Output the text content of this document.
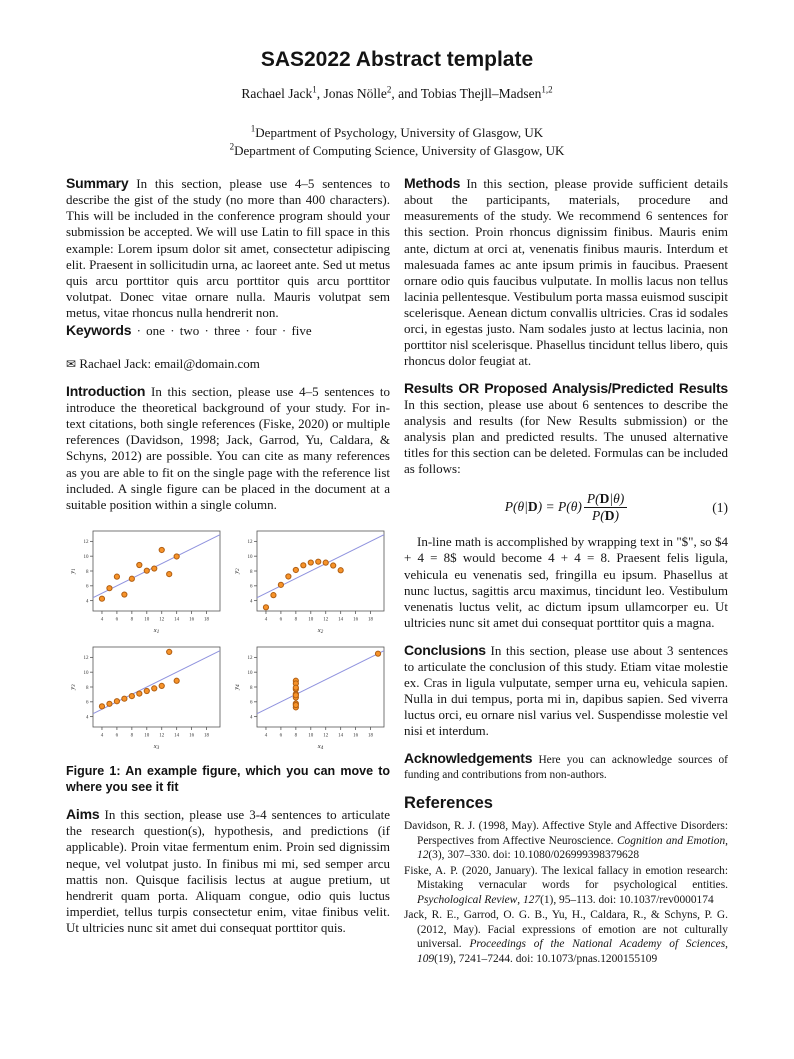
SAS2022 Abstract template
Rachael Jack$^1$, Jonas Nölle$^2$, and Tobias Thejll–Madsen$^{1,2}$
$^1$Department of Psychology, University of Glasgow, UK
$^2$Department of Computing Science, University of Glasgow, UK

Summary In this section, please use 4–5 sentences to describe the gist of the study (no more than 400 characters). This will be included in the conference program should your submission be accepted. We will use Latin to fill space in this example: Lorem ipsum dolor sit amet, consectetur adipiscing elit. Praesent in sollicitudin urna, ac laoreet ante. Sed ut metus quis arcu porttitor quis arcu porttitor quis arcu porttitor volutpat. Donec vitae ornare nulla. Mauris volutpat sem metus, vitae rhoncus nulla hendrerit non.

Keywords · one · two · three · four · five

✉ Rachael Jack: email@domain.com

Introduction In this section, please use 4–5 sentences to introduce the theoretical background of your study. For in-text citations, both single references (Fiske, 2020) or multiple references (Davidson, 1998; Jack, Garrod, Yu, Caldara, & Schyns, 2012) are possible. You can cite as many references as you are able to fit on the single page with the reference list included. A single figure can be placed in the document at a suitable position within a single column.

4 6 8 10 12 14 16 18
4
6
8
10
12
x1
y1
4 6 8 10 12 14 16 18
4
6
8
10
12
x2
y2
4 6 8 10 12 14 16 18
4
6
8
10
12
x3
y3
4 6 8 10 12 14 16 18
4
6
8
10
12
x4
y4
Figure 1: An example figure, which you can move to where you see it fit

Aims In this section, please use 3-4 sentences to articulate the research question(s), hypothesis, and predictions (if applicable). Proin vitae fermentum enim. Proin sed dignissim neque, vel volutpat justo. In finibus mi mi, sed semper arcu mattis non. Quisque facilisis lectus at augue pretium, ut hendrerit quam porta. Aliquam congue, odio quis luctus imperdiet, tellus turpis consectetur enim, vitae finibus velit. Ut ultricies nunc sit amet dui consequat porttitor quis.

Methods In this section, please provide sufficient details about the participants, materials, procedure and measurements of the study. We recommend 6 sentences for this section. Proin rhoncus dignissim finibus. Mauris enim ante, dictum at orci at, venenatis finibus mauris. Interdum et malesuada fames ac ante ipsum primis in faucibus. Praesent ornare odio quis faucibus vulputate. In mollis lacus non tellus lacinia pellentesque. Vestibulum porta massa euismod suscipit scelerisque. Aenean dictum convallis ultricies. Cras id sodales orci, in egestas justo. Nam sodales justo at lectus lacinia, non porttitor nisl scelerisque. Phasellus tincidunt tellus libero, quis rhoncus dolor feugiat at.

Results OR Proposed Analysis/Predicted Results In this section, please use about 6 sentences to describe the analysis and results (for New Results submission) or the analysis plan and predicted results. The unused alternative titles for this section can be deleted. Formulas can be included as follows:

$P(\theta|D) = P(\theta) \frac{P(D|\theta)}{P(D)}$	(1)

In-line math is accomplished by wrapping text in "$", so $4 + 4 = 8$ would become 4 + 4 = 8. Praesent felis ligula, vehicula eu venenatis sed, fringilla eu ipsum. Phasellus at nunc luctus, sagittis arcu maximus, tincidunt leo. Vestibulum venenatis luctus velit, ac dictum ipsum ullamcorper eu. Ut ultricies nunc sit amet dui consequat porttitor quis a magna.

Conclusions In this section, please use about 3 sentences to articulate the conclusion of this study. Etiam vitae molestie ex. Cras in ligula vulputate, semper urna eu, vehicula sapien. Nulla in dui tempus, porta mi in, dapibus sapien. Sed viverra luctus orci, eu ornare nisl varius vel. Suspendisse molestie vel nisi et interdum.

Acknowledgements Here you can acknowledge sources of funding and contributions from non-authors.

References

Davidson, R. J. (1998, May). Affective Style and Affective Disorders: Perspectives from Affective Neuroscience. Cognition and Emotion, 12(3), 307–330. doi: 10.1080/026999398379628

Fiske, A. P. (2020, January). The lexical fallacy in emotion research: Mistaking vernacular words for psychological entities. Psychological Review, 127(1), 95–113. doi: 10.1037/rev0000174

Jack, R. E., Garrod, O. G. B., Yu, H., Caldara, R., & Schyns, P. G. (2012, May). Facial expressions of emotion are not culturally universal. Proceedings of the National Academy of Sciences, 109(19), 7241–7244. doi: 10.1073/pnas.1200155109
